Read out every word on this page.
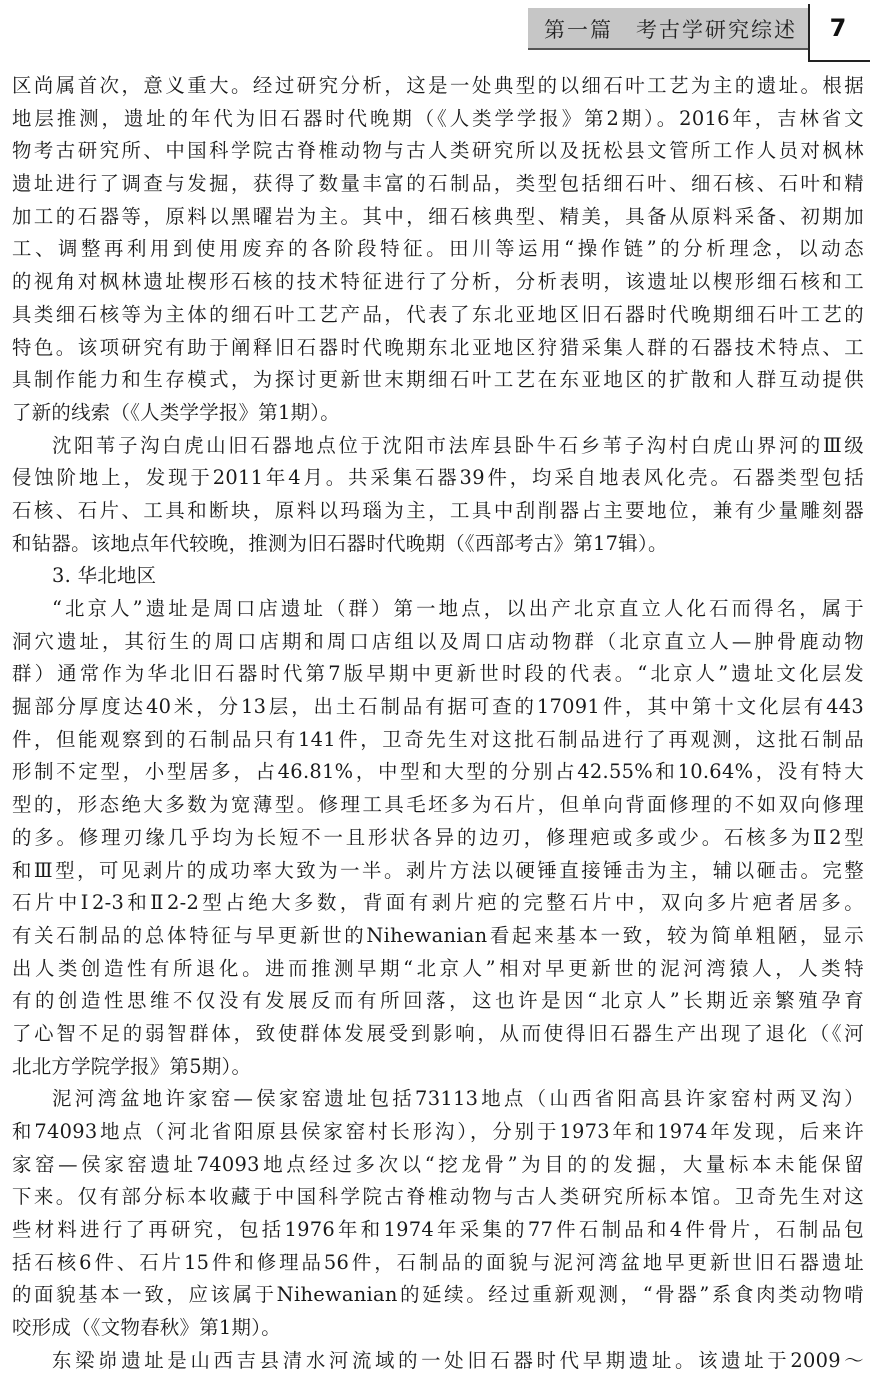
第一篇　考古学研究综述	7
区尚属首次，意义重大。经过研究分析，这是一处典型的以细石叶工艺为主的遗址。根据
地层推测，遗址的年代为旧石器时代晚期（《人类学学报》第2期）。2016年，吉林省文
物考古研究所、中国科学院古脊椎动物与古人类研究所以及抚松县文管所工作人员对枫林
遗址进行了调查与发掘，获得了数量丰富的石制品，类型包括细石叶、细石核、石叶和精
加工的石器等，原料以黑曜岩为主。其中，细石核典型、精美，具备从原料采备、初期加
工、调整再利用到使用废弃的各阶段特征。田川等运用“操作链”的分析理念，以动态
的视角对枫林遗址楔形石核的技术特征进行了分析，分析表明，该遗址以楔形细石核和工
具类细石核等为主体的细石叶工艺产品，代表了东北亚地区旧石器时代晚期细石叶工艺的
特色。该项研究有助于阐释旧石器时代晚期东北亚地区狩猎采集人群的石器技术特点、工
具制作能力和生存模式，为探讨更新世末期细石叶工艺在东亚地区的扩散和人群互动提供
了新的线索（《人类学学报》第1期）。
沈阳苇子沟白虎山旧石器地点位于沈阳市法库县卧牛石乡苇子沟村白虎山界河的Ⅲ级
侵蚀阶地上，发现于2011年4月。共采集石器39件，均采自地表风化壳。石器类型包括
石核、石片、工具和断块，原料以玛瑙为主，工具中刮削器占主要地位，兼有少量雕刻器
和钻器。该地点年代较晚，推测为旧石器时代晚期（《西部考古》第17辑）。
3. 华北地区
“北京人”遗址是周口店遗址（群）第一地点，以出产北京直立人化石而得名，属于
洞穴遗址，其衍生的周口店期和周口店组以及周口店动物群（北京直立人—肿骨鹿动物
群）通常作为华北旧石器时代第7版早期中更新世时段的代表。“北京人”遗址文化层发
掘部分厚度达40米，分13层，出土石制品有据可查的17091件，其中第十文化层有443
件，但能观察到的石制品只有141件，卫奇先生对这批石制品进行了再观测，这批石制品
形制不定型，小型居多，占46.81%，中型和大型的分别占42.55%和10.64%，没有特大
型的，形态绝大多数为宽薄型。修理工具毛坯多为石片，但单向背面修理的不如双向修理
的多。修理刃缘几乎均为长短不一且形状各异的边刃，修理疤或多或少。石核多为Ⅱ2型
和Ⅲ型，可见剥片的成功率大致为一半。剥片方法以硬锤直接锤击为主，辅以砸击。完整
石片中Ⅰ2-3和Ⅱ2-2型占绝大多数，背面有剥片疤的完整石片中，双向多片疤者居多。
有关石制品的总体特征与早更新世的Nihewanian看起来基本一致，较为简单粗陋，显示
出人类创造性有所退化。进而推测早期“北京人”相对早更新世的泥河湾猿人，人类特
有的创造性思维不仅没有发展反而有所回落，这也许是因“北京人”长期近亲繁殖孕育
了心智不足的弱智群体，致使群体发展受到影响，从而使得旧石器生产出现了退化（《河
北北方学院学报》第5期）。
泥河湾盆地许家窑—侯家窑遗址包括73113地点（山西省阳高县许家窑村两叉沟）
和74093地点（河北省阳原县侯家窑村长形沟），分别于1973年和1974年发现，后来许
家窑—侯家窑遗址74093地点经过多次以“挖龙骨”为目的的发掘，大量标本未能保留
下来。仅有部分标本收藏于中国科学院古脊椎动物与古人类研究所标本馆。卫奇先生对这
些材料进行了再研究，包括1976年和1974年采集的77件石制品和4件骨片，石制品包
括石核6件、石片15件和修理品56件，石制品的面貌与泥河湾盆地早更新世旧石器遗址
的面貌基本一致，应该属于Nihewanian的延续。经过重新观测，“骨器”系食肉类动物啃
咬形成（《文物春秋》第1期）。
东梁峁遗址是山西吉县清水河流域的一处旧石器时代早期遗址。该遗址于2009～
